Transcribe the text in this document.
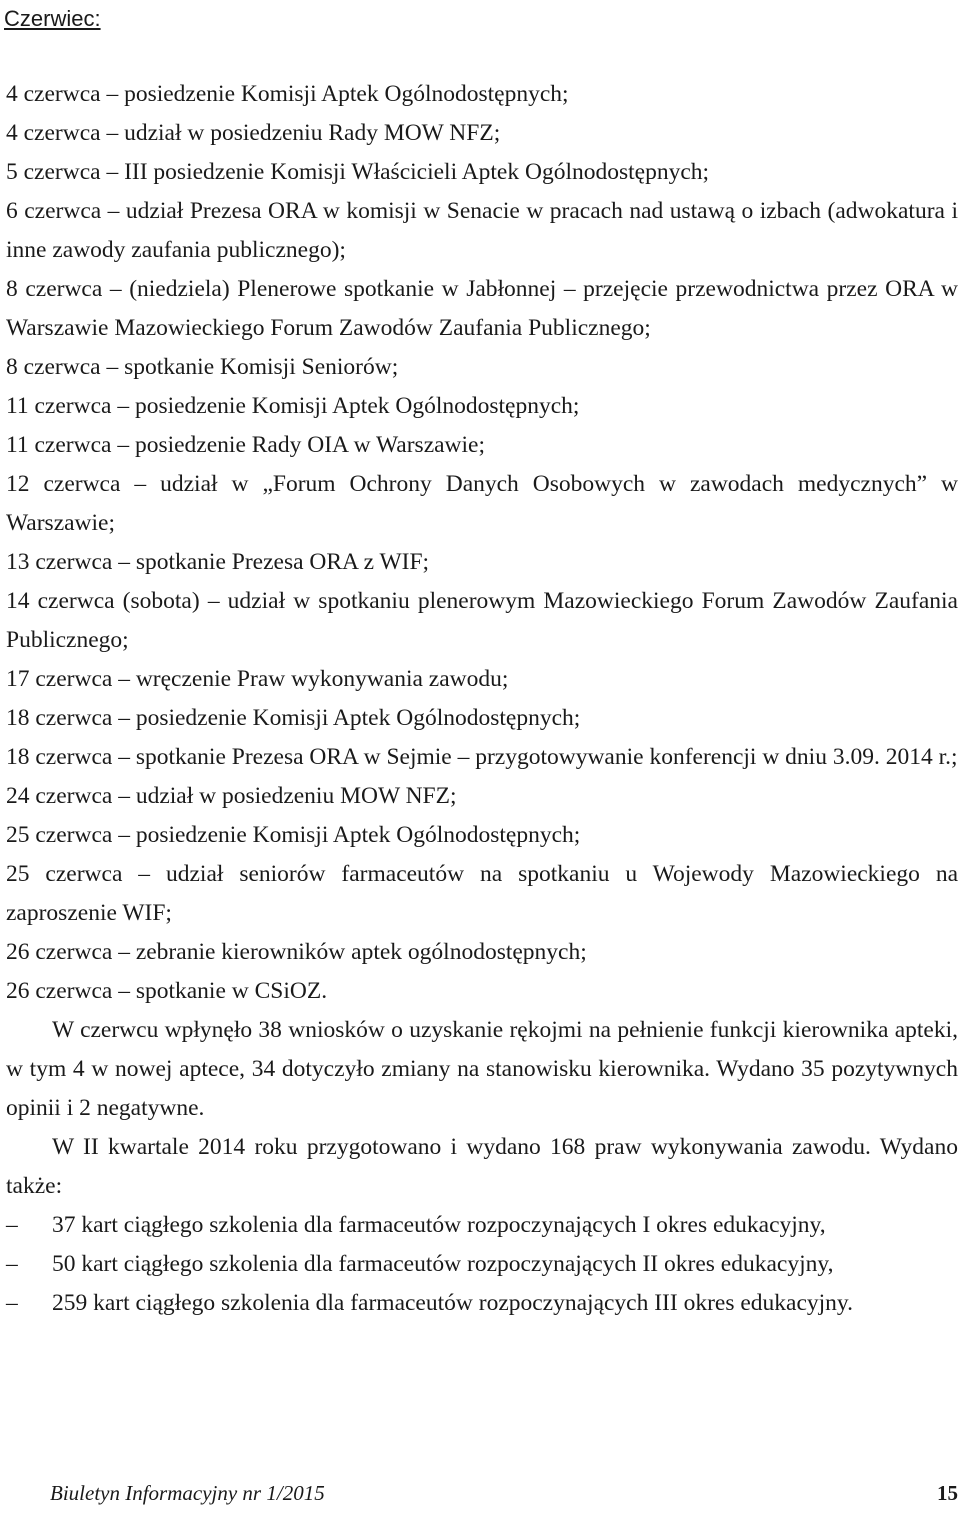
Czerwiec:

4 czerwca – posiedzenie Komisji Aptek Ogólnodostępnych;

4 czerwca – udział w posiedzeniu Rady MOW NFZ;

5 czerwca – III posiedzenie Komisji Właścicieli Aptek Ogólnodostępnych;

6 czerwca – udział Prezesa ORA w komisji w Senacie w pracach nad ustawą o izbach (adwokatura i inne zawody zaufania publicznego);

8 czerwca – (niedziela) Plenerowe spotkanie w Jabłonnej – przejęcie przewodnictwa przez ORA w Warszawie Mazowieckiego Forum Zawodów Zaufania Publicznego;

8 czerwca – spotkanie Komisji Seniorów;

11 czerwca – posiedzenie Komisji Aptek Ogólnodostępnych;

11 czerwca – posiedzenie Rady OIA w Warszawie;

12 czerwca – udział w „Forum Ochrony Danych Osobowych w zawodach medycznych” w Warszawie;

13 czerwca – spotkanie Prezesa ORA z WIF;

14 czerwca (sobota) – udział w spotkaniu plenerowym Mazowieckiego Forum Zawodów Zaufania Publicznego;

17 czerwca – wręczenie Praw wykonywania zawodu;

18 czerwca – posiedzenie Komisji Aptek Ogólnodostępnych;

18 czerwca – spotkanie Prezesa ORA w Sejmie – przygotowywanie konferencji w dniu 3.09. 2014 r.;

24 czerwca – udział w posiedzeniu MOW NFZ;

25 czerwca – posiedzenie Komisji Aptek Ogólnodostępnych;

25 czerwca – udział seniorów farmaceutów na spotkaniu u Wojewody Mazowieckiego na zaproszenie WIF;

26 czerwca – zebranie kierowników aptek ogólnodostępnych;

26 czerwca – spotkanie w CSiOZ.

W czerwcu wpłynęło 38 wniosków o uzyskanie rękojmi na pełnienie funkcji kierownika apteki, w tym 4 w nowej aptece, 34 dotyczyło zmiany na stanowisku kierownika. Wydano 35 pozytywnych opinii i 2 negatywne.

W II kwartale 2014 roku przygotowano i wydano 168 praw wykonywania zawodu. Wydano także:

–	37 kart ciągłego szkolenia dla farmaceutów rozpoczynających I okres edukacyjny,
–	50 kart ciągłego szkolenia dla farmaceutów rozpoczynających II okres edukacyjny,
–	259 kart ciągłego szkolenia dla farmaceutów rozpoczynających III okres edukacyjny.
Biuletyn Informacyjny nr 1/2015	15
